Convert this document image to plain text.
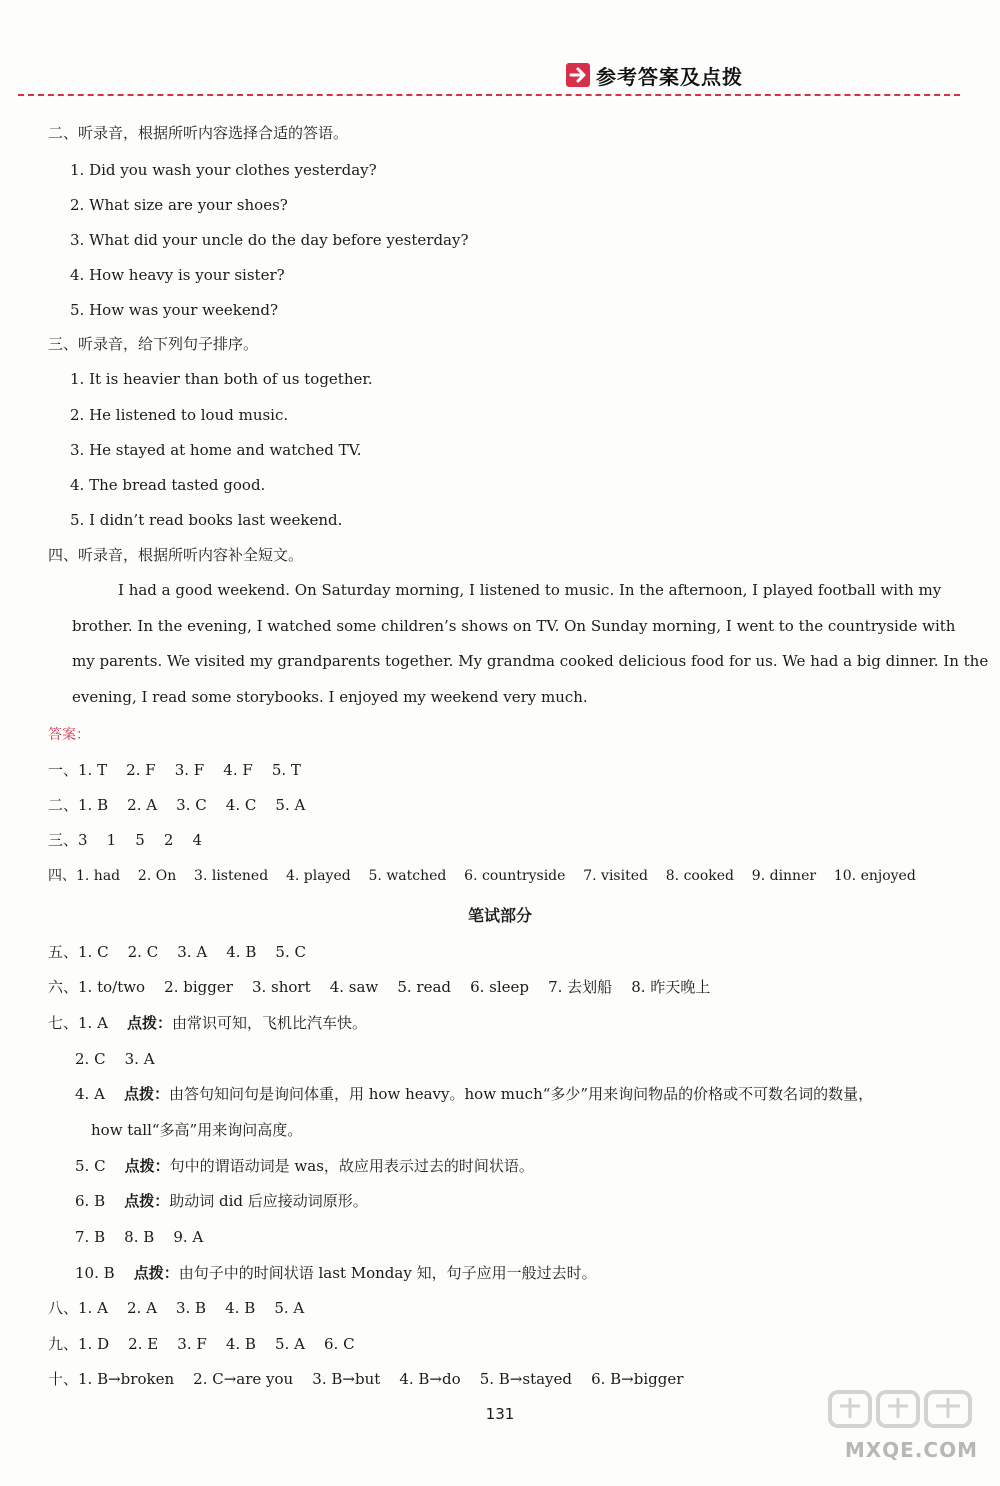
参考答案及点拨
二、听录音，根据所听内容选择合适的答语。
1. Did you wash your clothes yesterday?
2. What size are your shoes?
3. What did your uncle do the day before yesterday?
4. How heavy is your sister?
5. How was your weekend?
三、听录音，给下列句子排序。
1. It is heavier than both of us together.
2. He listened to loud music.
3. He stayed at home and watched TV.
4. The bread tasted good.
5. I didn’t read books last weekend.
四、听录音，根据所听内容补全短文。
I had a good weekend. On Saturday morning, I listened to music. In the afternoon, I played football with my
brother. In the evening, I watched some children’s shows on TV. On Sunday morning, I went to the countryside with
my parents. We visited my grandparents together. My grandma cooked delicious food for us. We had a big dinner. In the
evening, I read some storybooks. I enjoyed my weekend very much.
答案：
一、1. T    2. F    3. F    4. F    5. T
二、1. B    2. A    3. C    4. C    5. A
三、3    1    5    2    4
四、1. had    2. On    3. listened    4. played    5. watched    6. countryside    7. visited    8. cooked    9. dinner    10. enjoyed
笔试部分
五、1. C    2. C    3. A    4. B    5. C
六、1. to/two    2. bigger    3. short    4. saw    5. read    6. sleep    7. 去划船    8. 昨天晚上
七、1. A    点拨：由常识可知，飞机比汽车快。
2. C    3. A
4. A    点拨：由答句知问句是询问体重，用 how heavy。how much“多少”用来询问物品的价格或不可数名词的数量，
how tall“多高”用来询问高度。
5. C    点拨：句中的谓语动词是 was，故应用表示过去的时间状语。
6. B    点拨：助动词 did 后应接动词原形。
7. B    8. B    9. A
10. B    点拨：由句子中的时间状语 last Monday 知，句子应用一般过去时。
八、1. A    2. A    3. B    4. B    5. A
九、1. D    2. E    3. F    4. B    5. A    6. C
十、1. B→broken    2. C→are you    3. B→but    4. B→do    5. B→stayed    6. B→bigger
131
MXQE.COM
